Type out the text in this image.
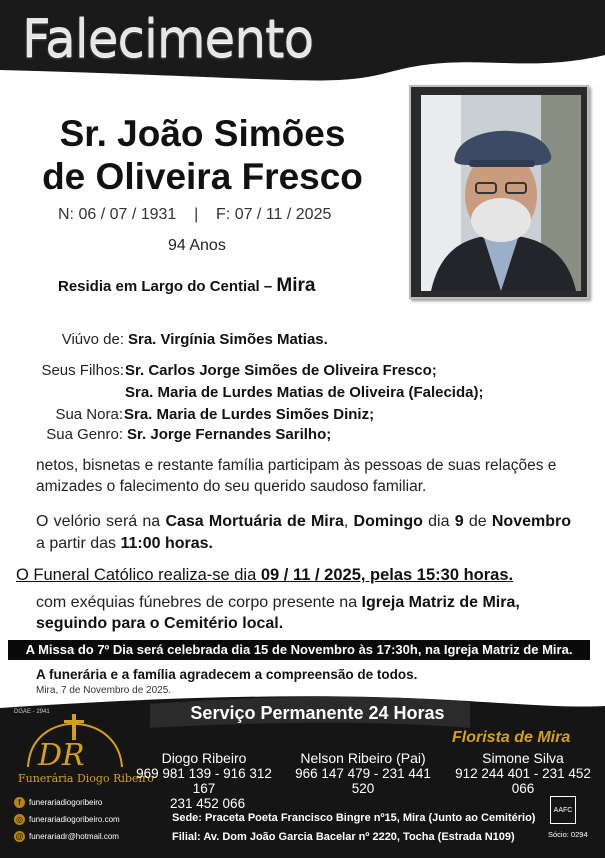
Falecimento
Sr. João Simões
de Oliveira Fresco
N: 06 / 07 / 1931    |    F: 07 / 11 / 2025
94 Anos
Residia em Largo do Cential – Mira
Viúvo de: Sra. Virgínia Simões Matias.
Seus Filhos: Sr. Carlos Jorge Simões de Oliveira Fresco;
Sra. Maria de Lurdes Matias de Oliveira (Falecida);
Sua Nora: Sra. Maria de Lurdes Simões Diniz;
Sua Genro: Sr. Jorge Fernandes Sarilho;
netos, bisnetas e restante família participam às pessoas de suas relações e amizades o falecimento do seu querido saudoso familiar.
O velório será na Casa Mortuária de Mira, Domingo dia 9 de Novembro a partir das 11:00 horas.
O Funeral Católico realiza-se dia 09 / 11 / 2025, pelas 15:30 horas.
com exéquias fúnebres de corpo presente na Igreja Matriz de Mira,
seguindo para o Cemitério local.
A Missa do 7º Dia será celebrada dia 15 de Novembro às 17:30h, na Igreja Matriz de Mira.
A funerária e a família agradecem a compreensão de todos.
Mira, 7 de Novembro de 2025.
DGAE - 2941	Serviço Permanente 24 Horas
DR
Funerária Diogo Ribeiro
f	funerariadiogoribeiro
◎ funerariadiogoribeiro.com
@ funerariadr@hotmail.com
Diogo Ribeiro
969 981 139 - 916 312 167
231 452 066
Nelson Ribeiro (Pai)
966 147 479 - 231 441 520
Florista de Mira
Simone Silva
912 244 401 - 231 452 066
Sede: Praceta Poeta Francisco Bingre nº15, Mira (Junto ao Cemitério)
Filial: Av. Dom João Garcia Bacelar nº 2220, Tocha (Estrada N109)
AAFC
Sócio: 0294
